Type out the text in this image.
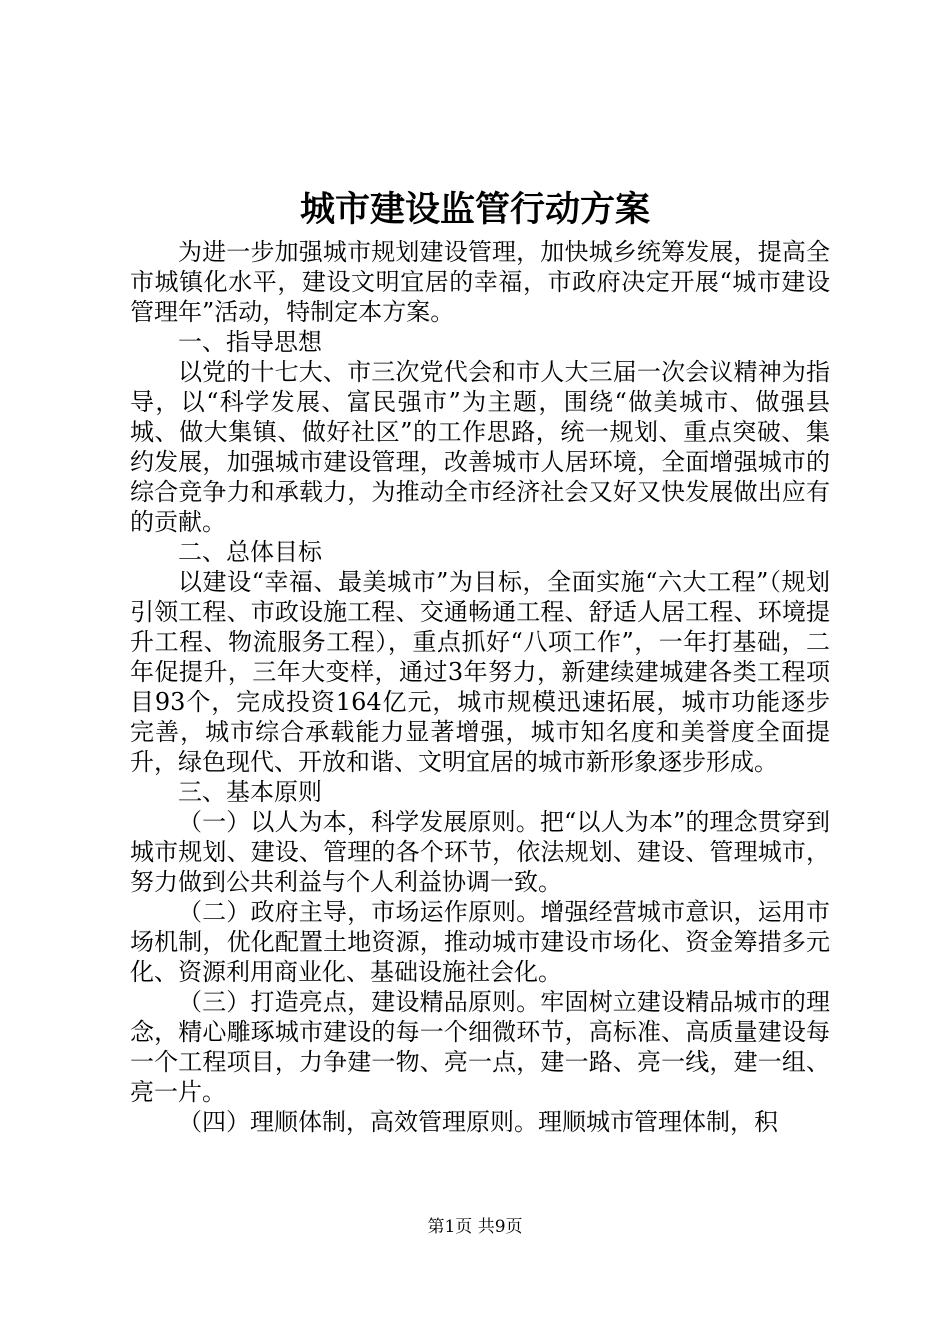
城市建设监管行动方案

为进一步加强城市规划建设管理，加快城乡统筹发展，提高全市城镇化水平，建设文明宜居的幸福，市政府决定开展“城市建设管理年”活动，特制定本方案。

一、指导思想

以党的十七大、市三次党代会和市人大三届一次会议精神为指导，以“科学发展、富民强市”为主题，围绕“做美城市、做强县城、做大集镇、做好社区”的工作思路，统一规划、重点突破、集约发展，加强城市建设管理，改善城市人居环境，全面增强城市的综合竞争力和承载力，为推动全市经济社会又好又快发展做出应有的贡献。

二、总体目标

以建设“幸福、最美城市”为目标，全面实施“六大工程”（规划引领工程、市政设施工程、交通畅通工程、舒适人居工程、环境提升工程、物流服务工程），重点抓好“八项工作”，一年打基础，二年促提升，三年大变样，通过3年努力，新建续建城建各类工程项目93个，完成投资164亿元，城市规模迅速拓展，城市功能逐步完善，城市综合承载能力显著增强，城市知名度和美誉度全面提升，绿色现代、开放和谐、文明宜居的城市新形象逐步形成。

三、基本原则

（一）以人为本，科学发展原则。把“以人为本”的理念贯穿到城市规划、建设、管理的各个环节，依法规划、建设、管理城市，努力做到公共利益与个人利益协调一致。

（二）政府主导，市场运作原则。增强经营城市意识，运用市场机制，优化配置土地资源，推动城市建设市场化、资金筹措多元化、资源利用商业化、基础设施社会化。

（三）打造亮点，建设精品原则。牢固树立建设精品城市的理念，精心雕琢城市建设的每一个细微环节，高标准、高质量建设每一个工程项目，力争建一物、亮一点，建一路、亮一线，建一组、亮一片。

（四）理顺体制，高效管理原则。理顺城市管理体制，积

第1页 共9页
